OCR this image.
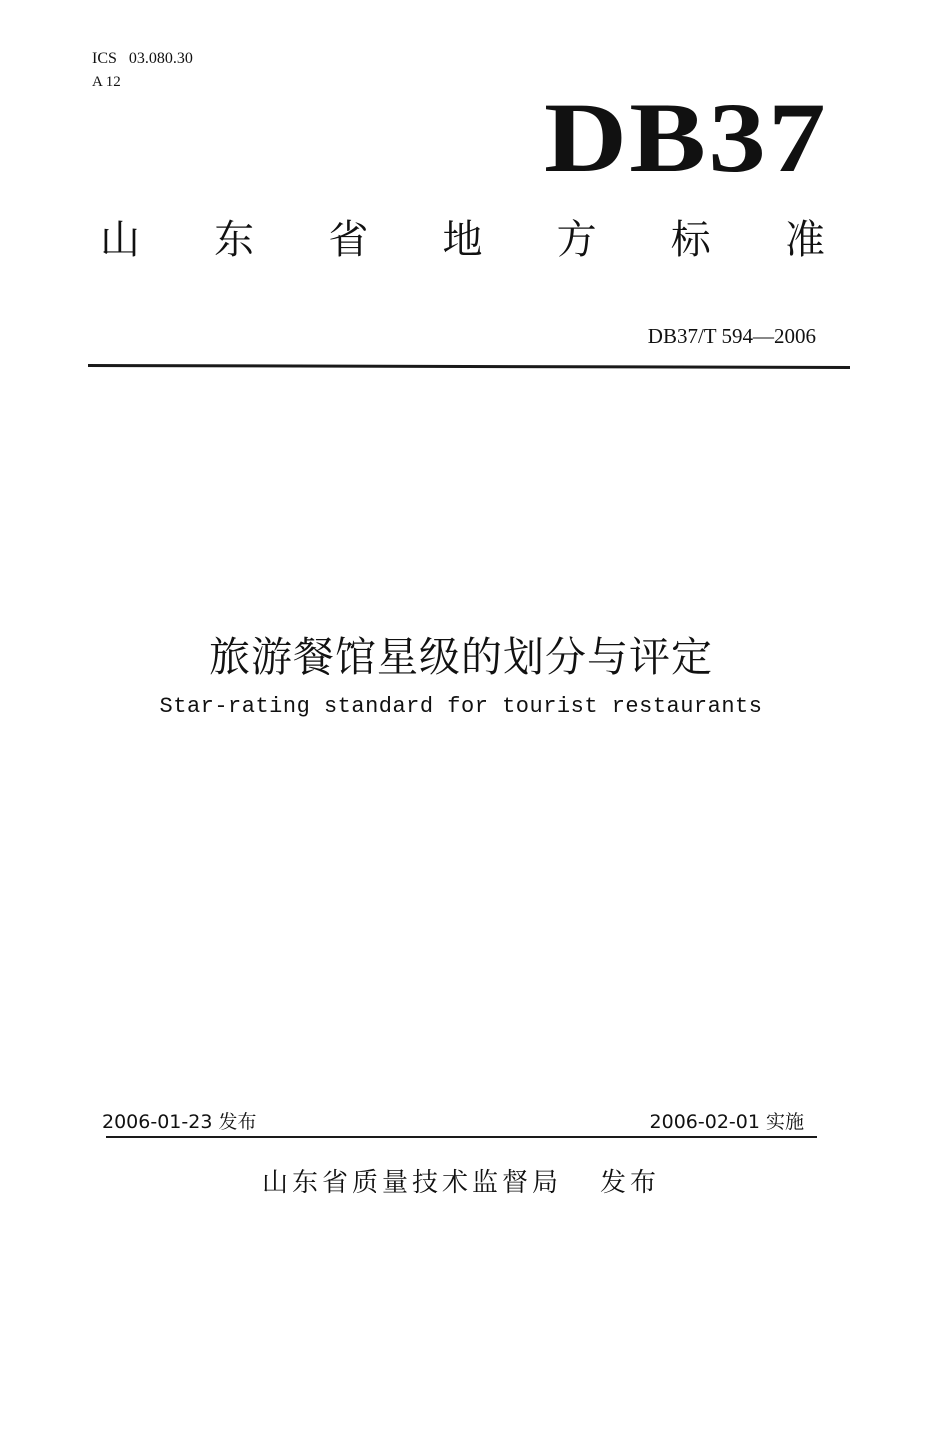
ICS   03.080.30
A 12	DB37
山 东 省 地 方 标 准
DB37/T 594—2006
旅游餐馆星级的划分与评定
Star-rating standard for tourist restaurants
2006-01-23 发布	2006-02-01 实施
山东省质量技术监督局 发布
